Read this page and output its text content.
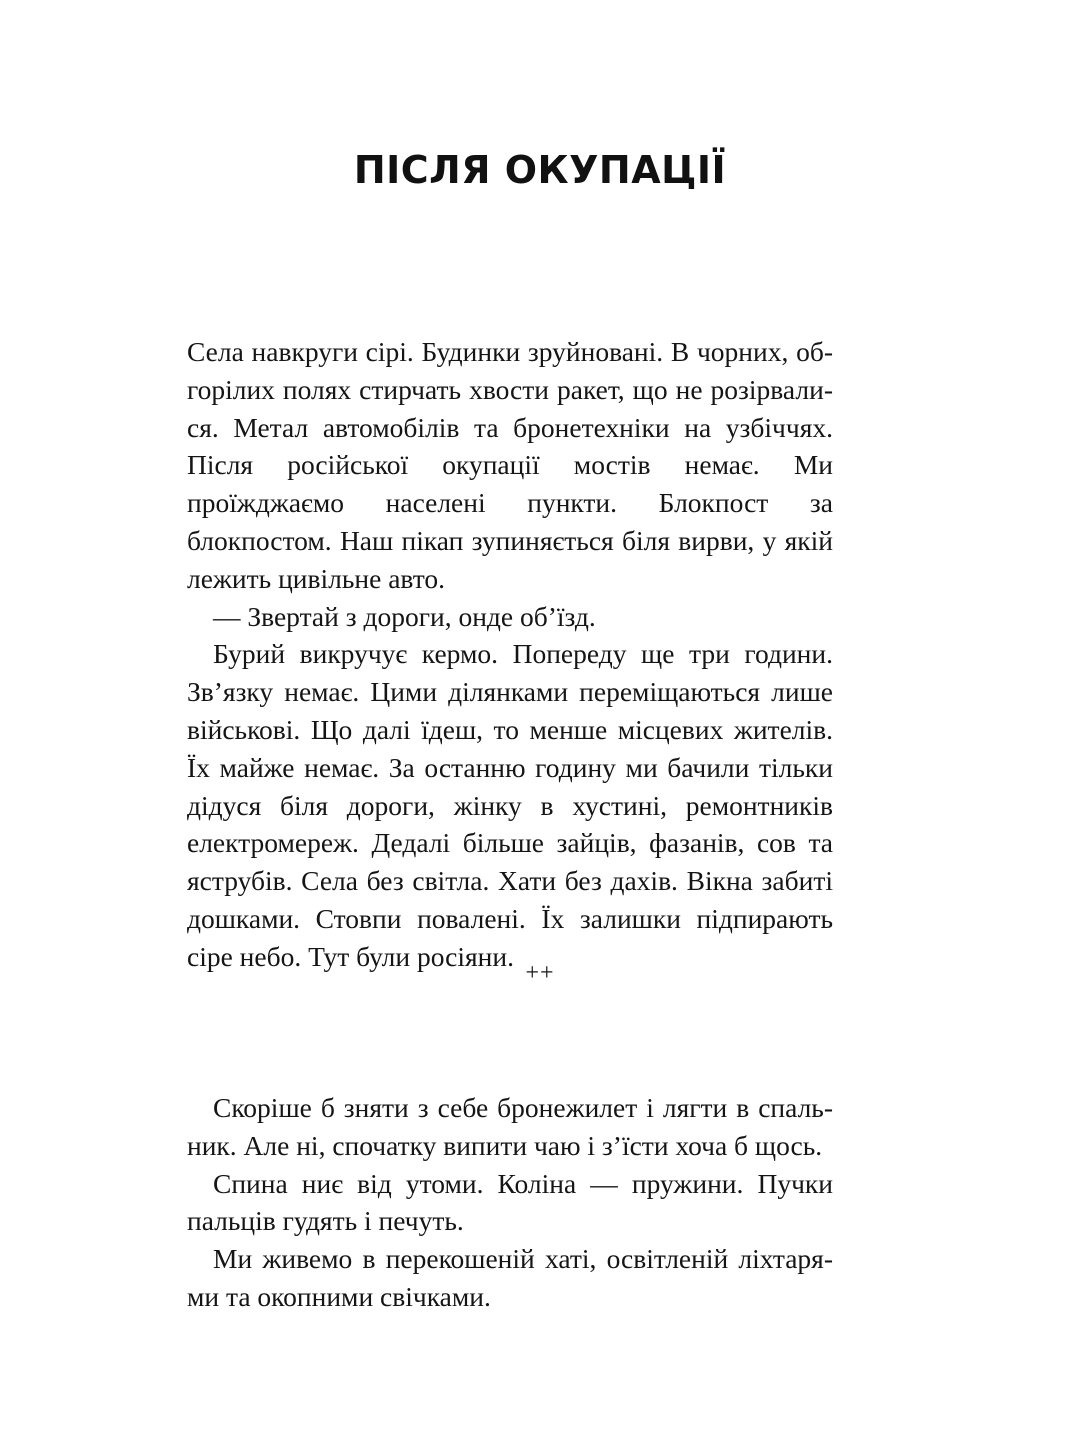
ПІСЛЯ ОКУПАЦІЇ

Села навкруги сірі. Будинки зруйновані. В чорних, обгорілих полях стирчать хвости ракет, що не розірвалися. Метал автомобілів та бронетехніки на узбіччях. Після російської окупації мостів немає. Ми проїжджаємо населені пункти. Блокпост за блокпостом. Наш пікап зупиняється біля вирви, у якій лежить цивільне авто.

— Звертай з дороги, онде об’їзд.

Бурий викручує кермо. Попереду ще три години. Зв’язку немає. Цими ділянками переміщаються лише військові. Що далі їдеш, то менше місцевих жителів. Їх майже немає. За останню годину ми бачили тільки дідуся біля дороги, жінку в хустині, ремонтників електромереж. Дедалі більше зайців, фазанів, сов та яструбів. Села без світла. Хати без дахів. Вікна забиті дошками. Стовпи повалені. Їх залишки підпирають сіре небо. Тут були росіяни.

++

Скоріше б зняти з себе бронежилет і лягти в спальник. Але ні, спочатку випити чаю і з’їсти хоча б щось.

Спина ниє від утоми. Коліна — пружини. Пучки пальців гудять і печуть.

Ми живемо в перекошеній хаті, освітленій ліхтарями та окопними свічками.
